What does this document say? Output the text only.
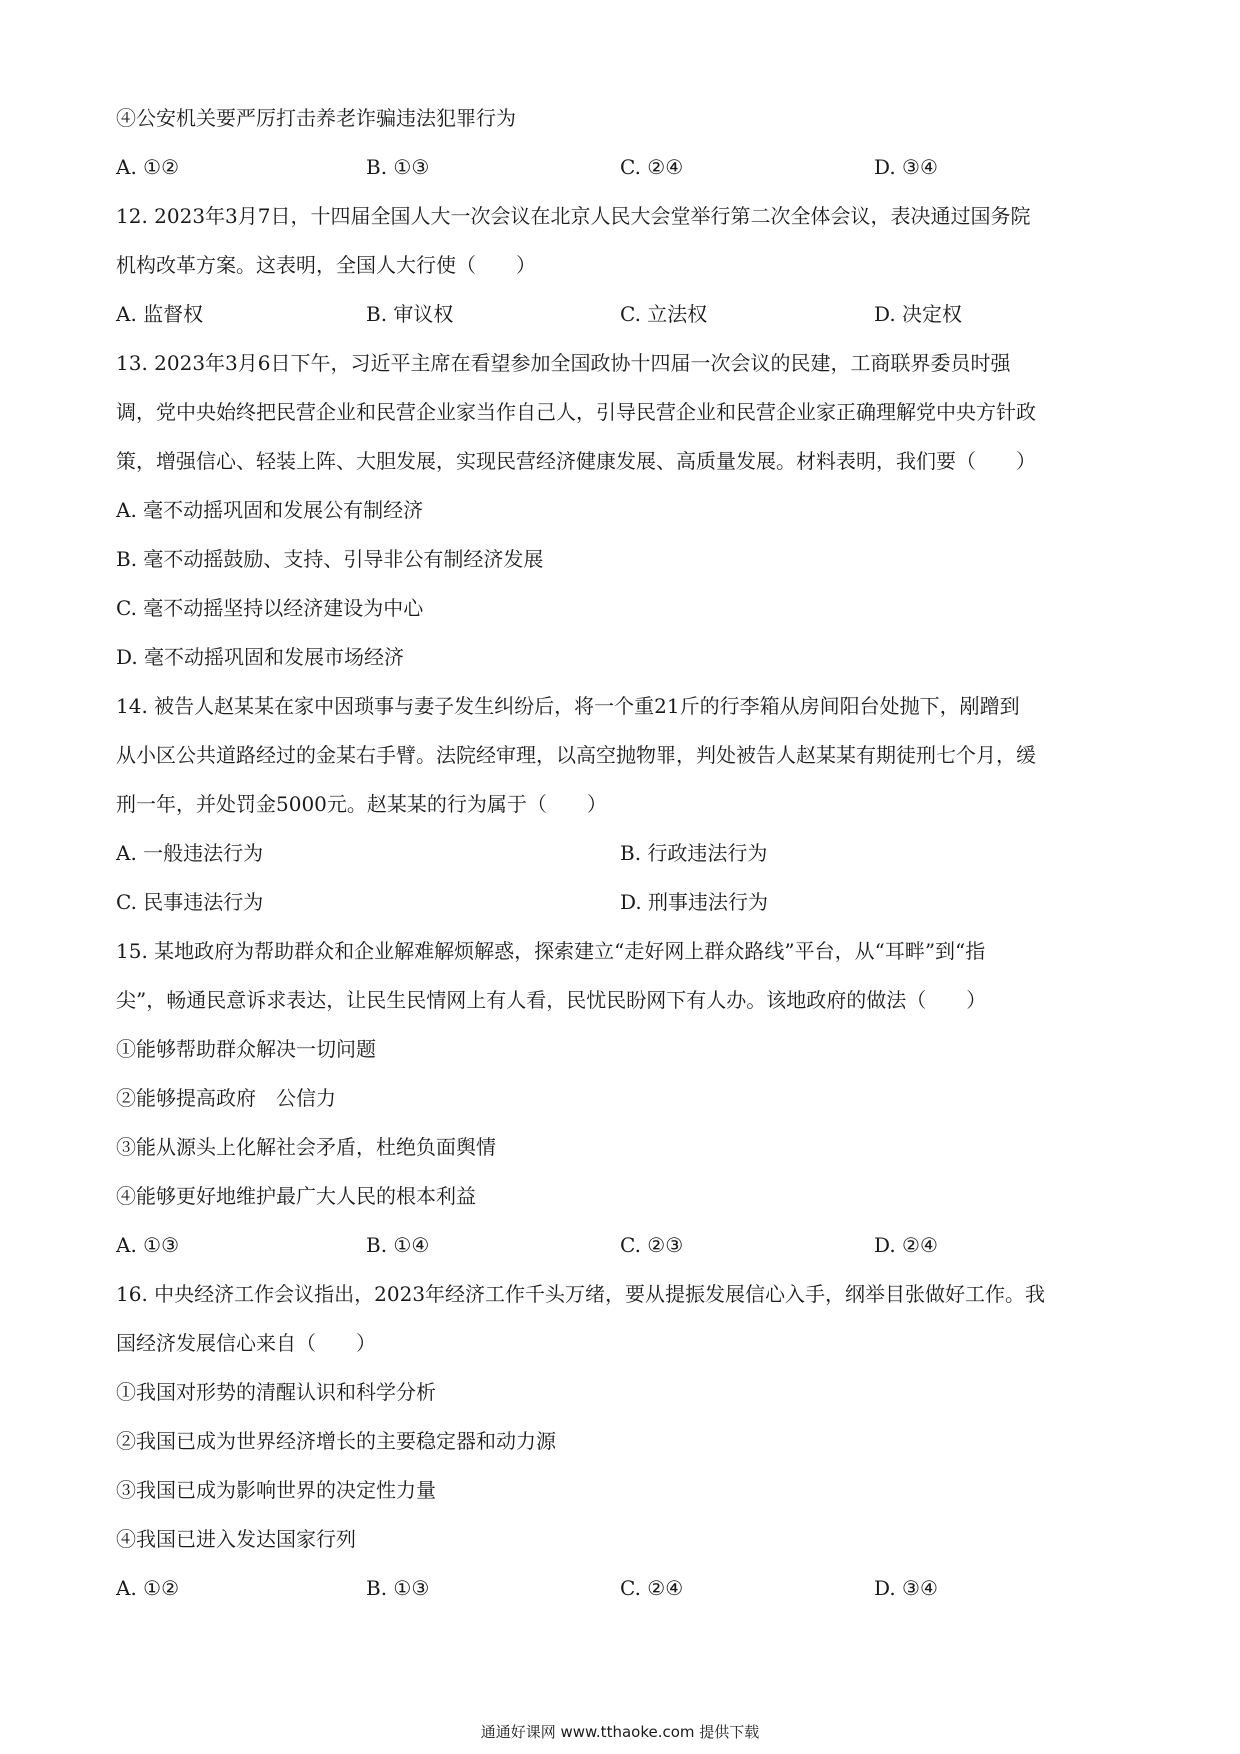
④公安机关要严厉打击养老诈骗违法犯罪行为
A. ①②	B. ①③	C. ②④	D. ③④
12. 2023年3月7日，十四届全国人大一次会议在北京人民大会堂举行第二次全体会议，表决通过国务院
机构改革方案。这表明，全国人大行使（　　）
A. 监督权	B. 审议权	C. 立法权	D. 决定权
13. 2023年3月6日下午，习近平主席在看望参加全国政协十四届一次会议的民建，工商联界委员时强
调，党中央始终把民营企业和民营企业家当作自己人，引导民营企业和民营企业家正确理解党中央方针政
策，增强信心、轻装上阵、大胆发展，实现民营经济健康发展、高质量发展。材料表明，我们要（　　）
A. 毫不动摇巩固和发展公有制经济
B. 毫不动摇鼓励、支持、引导非公有制经济发展
C. 毫不动摇坚持以经济建设为中心
D. 毫不动摇巩固和发展市场经济
14. 被告人赵某某在家中因琐事与妻子发生纠纷后，将一个重21斤的行李箱从房间阳台处抛下，剐蹭到
从小区公共道路经过的金某右手臂。法院经审理，以高空抛物罪，判处被告人赵某某有期徒刑七个月，缓
刑一年，并处罚金5000元。赵某某的行为属于（　　）
A. 一般违法行为	B. 行政违法行为
C. 民事违法行为	D. 刑事违法行为
15. 某地政府为帮助群众和企业解难解烦解惑，探索建立“走好网上群众路线”平台，从“耳畔”到“指
尖”，畅通民意诉求表达，让民生民情网上有人看，民忧民盼网下有人办。该地政府的做法（　　）
①能够帮助群众解决一切问题
②能够提高政府　公信力
③能从源头上化解社会矛盾，杜绝负面舆情
④能够更好地维护最广大人民的根本利益
A. ①③	B. ①④	C. ②③	D. ②④
16. 中央经济工作会议指出，2023年经济工作千头万绪，要从提振发展信心入手，纲举目张做好工作。我
国经济发展信心来自（　　）
①我国对形势的清醒认识和科学分析
②我国已成为世界经济增长的主要稳定器和动力源
③我国已成为影响世界的决定性力量
④我国已进入发达国家行列
A. ①②	B. ①③	C. ②④	D. ③④
通通好课网 www.tthaoke.com 提供下载
